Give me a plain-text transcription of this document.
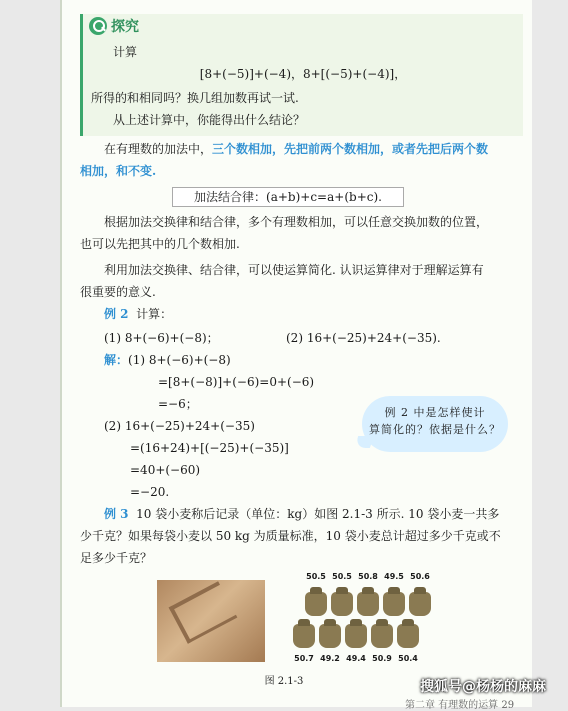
探究
计算
[8+(−5)]+(−4)，8+[(−5)+(−4)]，
所得的和相同吗？换几组加数再试一试.
从上述计算中，你能得出什么结论？
在有理数的加法中，三个数相加，先把前两个数相加，或者先把后两个数
相加，和不变.
加法结合律：(a+b)+c=a+(b+c).
根据加法交换律和结合律，多个有理数相加，可以任意交换加数的位置，
也可以先把其中的几个数相加.
利用加法交换律、结合律，可以使运算简化. 认识运算律对于理解运算有
很重要的意义.
例 2 计算：
(1) 8+(−6)+(−8)；	(2) 16+(−25)+24+(−35).
解：(1) 8+(−6)+(−8)
=[8+(−8)]+(−6)=0+(−6)
=−6；
(2) 16+(−25)+24+(−35)
=(16+24)+[(−25)+(−35)]
=40+(−60)
=−20.
例 2 中是怎样使计
算简化的？依据是什么？
例 3 10 袋小麦称后记录（单位：kg）如图 2.1-3 所示. 10 袋小麦一共多
少千克？如果每袋小麦以 50 kg 为质量标准，10 袋小麦总计超过多少千克或不
足多少千克？
50.5 50.5 50.8 49.5 50.6
50.7 49.2 49.4 50.9 50.4
图 2.1-3
第二章 有理数的运算 29
搜狐号@杨杨的麻麻
